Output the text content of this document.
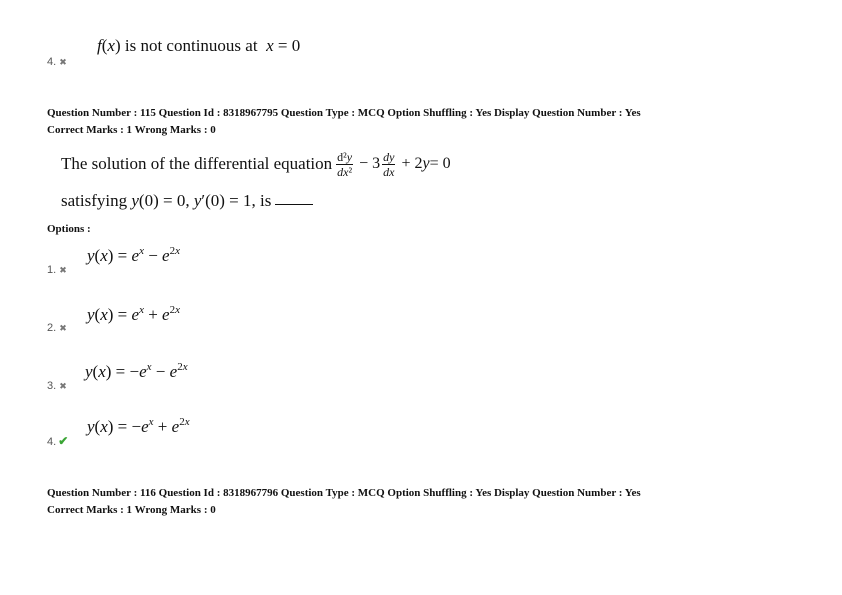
f(x) is not continuous at  x = 0
4. ✖
Question Number : 115 Question Id : 8318967795 Question Type : MCQ Option Shuffling : Yes Display Question Number : Yes
Correct Marks : 1 Wrong Marks : 0
The solution of the differential equation $\frac{\text{d²y}}{\text{dx²}} - 3 \frac{dy}{dx} + 2$ y = 0
satisfying y(0) = 0, y′(0) = 1, is
Options :
$y(x) = e^x - e^{2x}$
1. ✖
$y(x) = e^x + e^{2x}$
2. ✖
$y(x) = -e^x - e^{2x}$
3. ✖
$y(x) = -e^x + e^{2x}$
4. ✔
Question Number : 116 Question Id : 8318967796 Question Type : MCQ Option Shuffling : Yes Display Question Number : Yes
Correct Marks : 1 Wrong Marks : 0
